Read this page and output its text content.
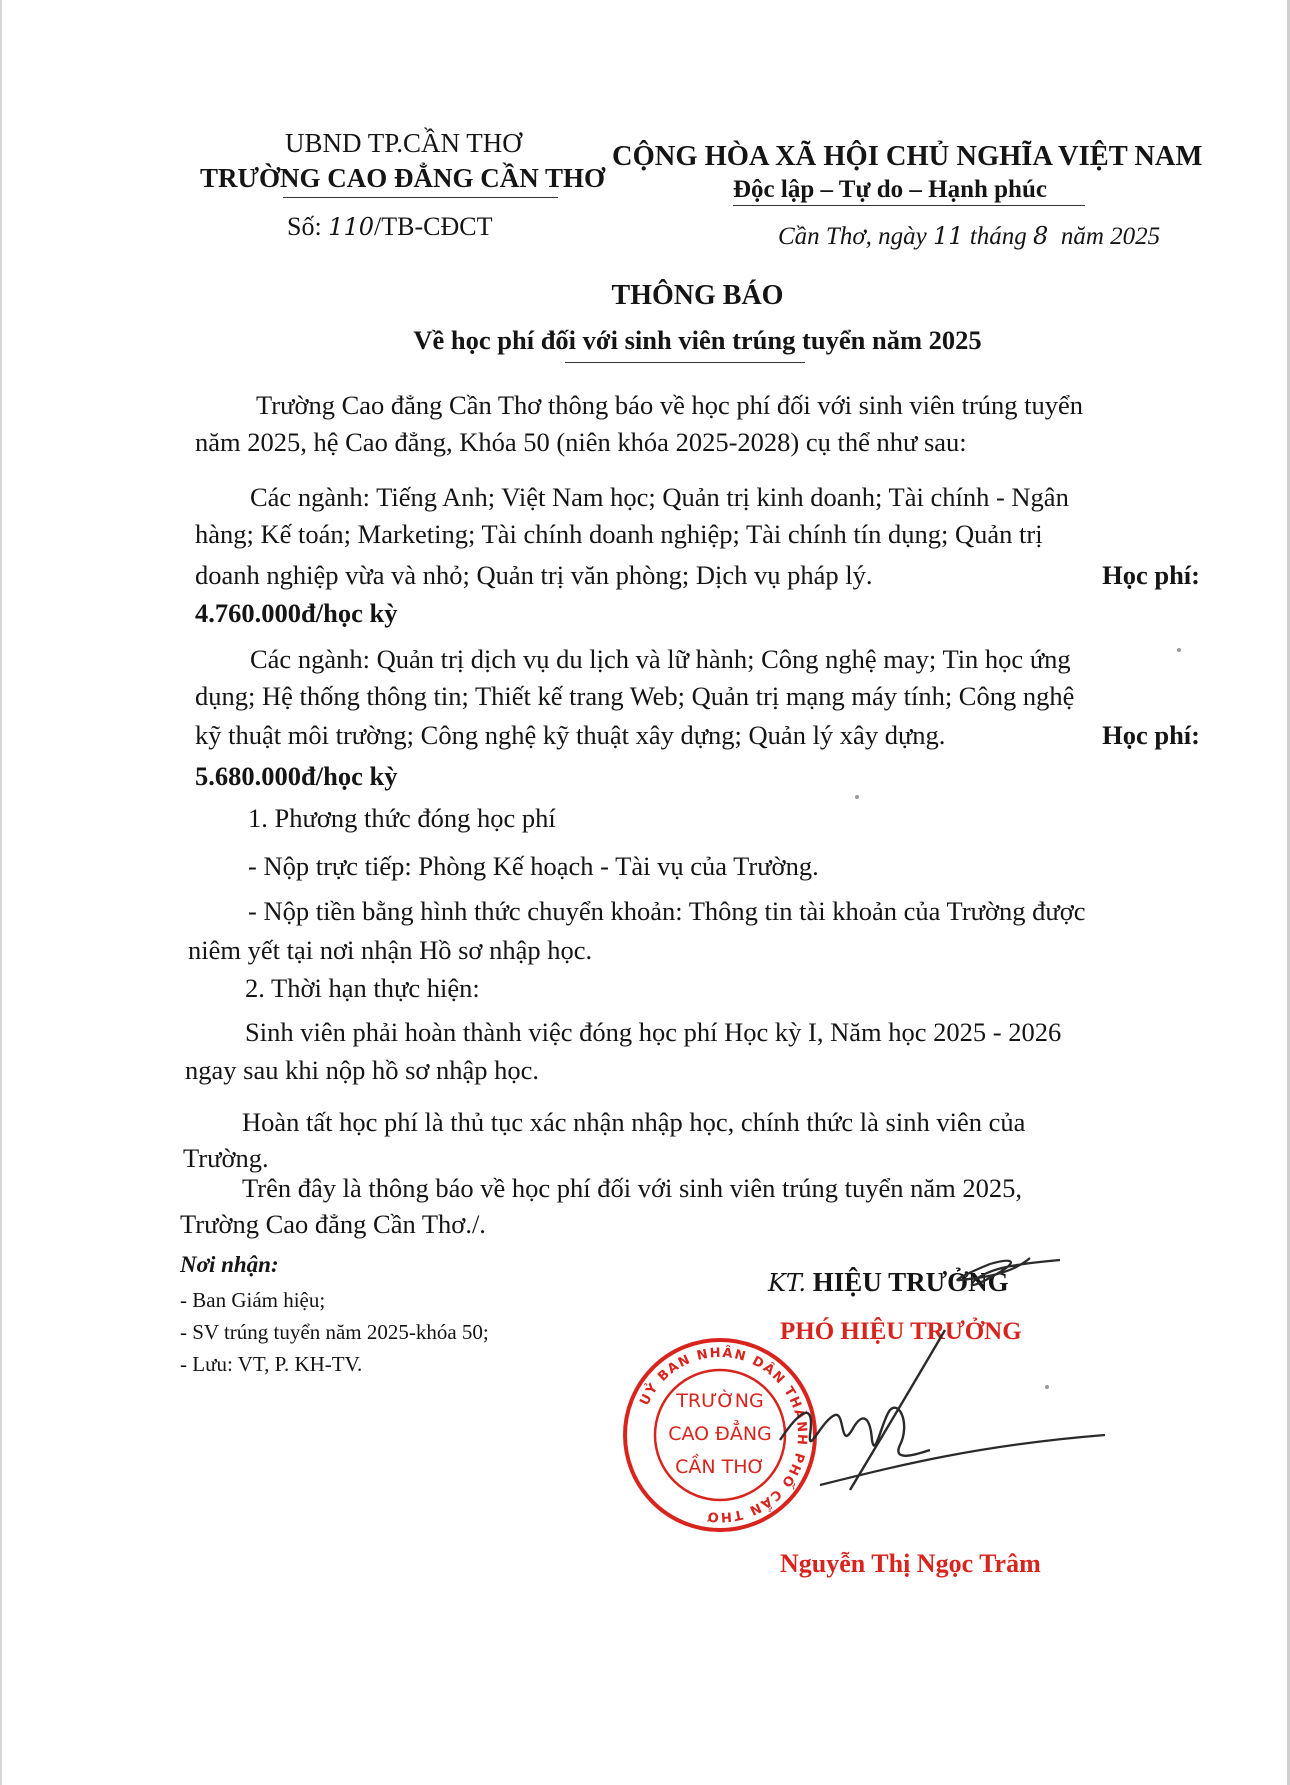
UBND TP.CẦN THƠ
TRƯỜNG CAO ĐẲNG CẦN THƠ
Số: 110/TB-CĐCT
CỘNG HÒA XÃ HỘI CHỦ NGHĨA VIỆT NAM
Độc lập – Tự do – Hạnh phúc
Cần Thơ, ngày 11 tháng 8  năm 2025
THÔNG BÁO
Về học phí đối với sinh viên trúng tuyển năm 2025
Trường Cao đẳng Cần Thơ thông báo về học phí đối với sinh viên trúng tuyển
năm 2025, hệ Cao đẳng, Khóa 50 (niên khóa 2025-2028) cụ thể như sau:
Các ngành: Tiếng Anh; Việt Nam học; Quản trị kinh doanh; Tài chính - Ngân
hàng; Kế toán; Marketing; Tài chính doanh nghiệp; Tài chính tín dụng; Quản trị
doanh nghiệp vừa và nhỏ; Quản trị văn phòng; Dịch vụ pháp lý.	Học phí:
4.760.000đ/học kỳ
Các ngành: Quản trị dịch vụ du lịch và lữ hành; Công nghệ may; Tin học ứng
dụng; Hệ thống thông tin; Thiết kế trang Web; Quản trị mạng máy tính; Công nghệ
kỹ thuật môi trường; Công nghệ kỹ thuật xây dựng; Quản lý xây dựng.	Học phí:
5.680.000đ/học kỳ
1. Phương thức đóng học phí
- Nộp trực tiếp: Phòng Kế hoạch - Tài vụ của Trường.
- Nộp tiền bằng hình thức chuyển khoản: Thông tin tài khoản của Trường được
niêm yết tại nơi nhận Hồ sơ nhập học.
2. Thời hạn thực hiện:
Sinh viên phải hoàn thành việc đóng học phí Học kỳ I, Năm học 2025 - 2026
ngay sau khi nộp hồ sơ nhập học.
Hoàn tất học phí là thủ tục xác nhận nhập học, chính thức là sinh viên của
Trường.
Trên đây là thông báo về học phí đối với sinh viên trúng tuyển năm 2025,
Trường Cao đẳng Cần Thơ./.
Nơi nhận:
- Ban Giám hiệu;
- SV trúng tuyển năm 2025-khóa 50;
- Lưu: VT, P. KH-TV.
KT. HIỆU TRƯỞNG
PHÓ HIỆU TRƯỞNG
UỶ BAN NHÂN DÂN THÀNH PHỐ CẦN THƠ
TRƯỜNG
CAO ĐẲNG
CẦN THƠ
Nguyễn Thị Ngọc Trâm
